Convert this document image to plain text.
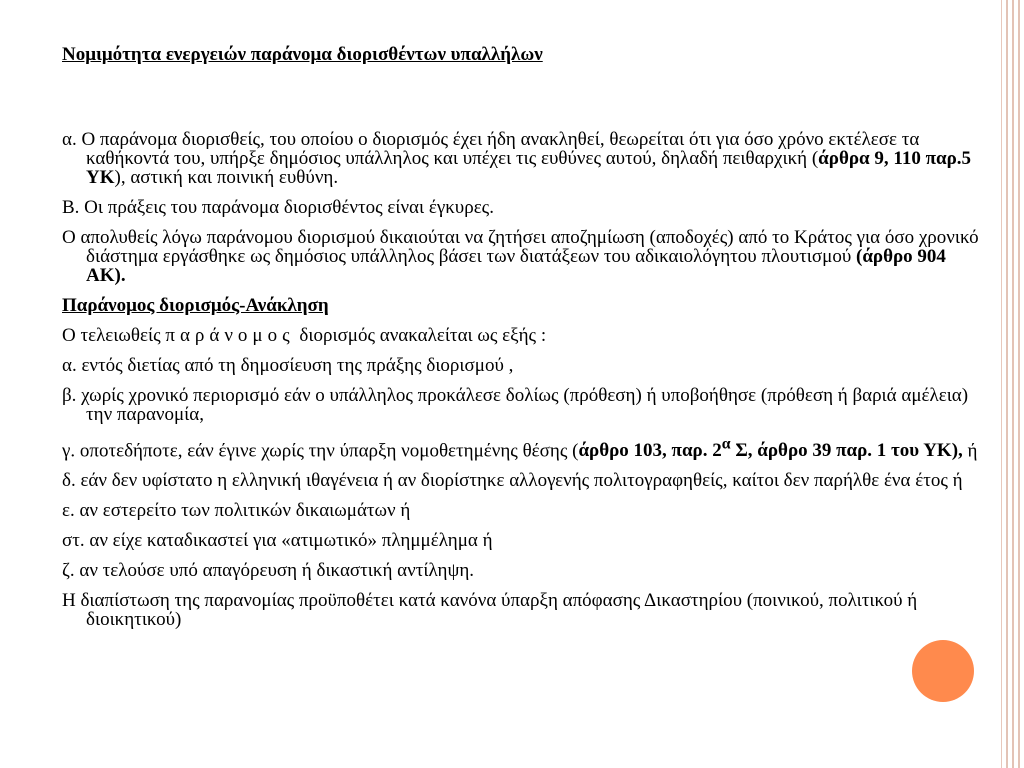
Νομιμότητα ενεργειών παράνομα διορισθέντων υπαλλήλων

α. Ο παράνομα διορισθείς, του οποίου ο διορισμός έχει ήδη ανακληθεί, θεωρείται ότι για όσο χρόνο εκτέλεσε τα καθήκοντά του, υπήρξε δημόσιος υπάλληλος και υπέχει τις ευθύνες αυτού, δηλαδή πειθαρχική (άρθρα 9, 110 παρ.5 ΥΚ), αστική και ποινική ευθύνη.

Β. Οι πράξεις του παράνομα διορισθέντος είναι έγκυρες.

Ο απολυθείς λόγω παράνομου διορισμού δικαιούται να ζητήσει αποζημίωση (αποδοχές) από το Κράτος για όσο χρονικό διάστημα εργάσθηκε ως δημόσιος υπάλληλος βάσει των διατάξεων του αδικαιολόγητου πλουτισμού (άρθρο 904 ΑΚ).

Παράνομος διορισμός-Ανάκληση

Ο τελειωθείς παράνομος διορισμός ανακαλείται ως εξής :

α. εντός διετίας από τη δημοσίευση της πράξης διορισμού ,

β. χωρίς χρονικό περιορισμό εάν ο υπάλληλος προκάλεσε δολίως (πρόθεση) ή υποβοήθησε (πρόθεση ή βαριά αμέλεια) την παρανομία,

γ. οποτεδήποτε, εάν έγινε χωρίς την ύπαρξη νομοθετημένης θέσης (άρθρο 103, παρ. $2^\alpha$ Σ, άρθρο 39 παρ. 1 του ΥΚ), ή

δ. εάν δεν υφίστατο η ελληνική ιθαγένεια ή αν διορίστηκε αλλογενής πολιτογραφηθείς, καίτοι δεν παρήλθε ένα έτος ή

ε. αν εστερείτο των πολιτικών δικαιωμάτων ή

στ. αν είχε καταδικαστεί για «ατιμωτικό» πλημμέλημα ή

ζ. αν τελούσε υπό απαγόρευση ή δικαστική αντίληψη.

Η διαπίστωση της παρανομίας προϋποθέτει κατά κανόνα ύπαρξη απόφασης Δικαστηρίου (ποινικού, πολιτικού ή διοικητικού)
